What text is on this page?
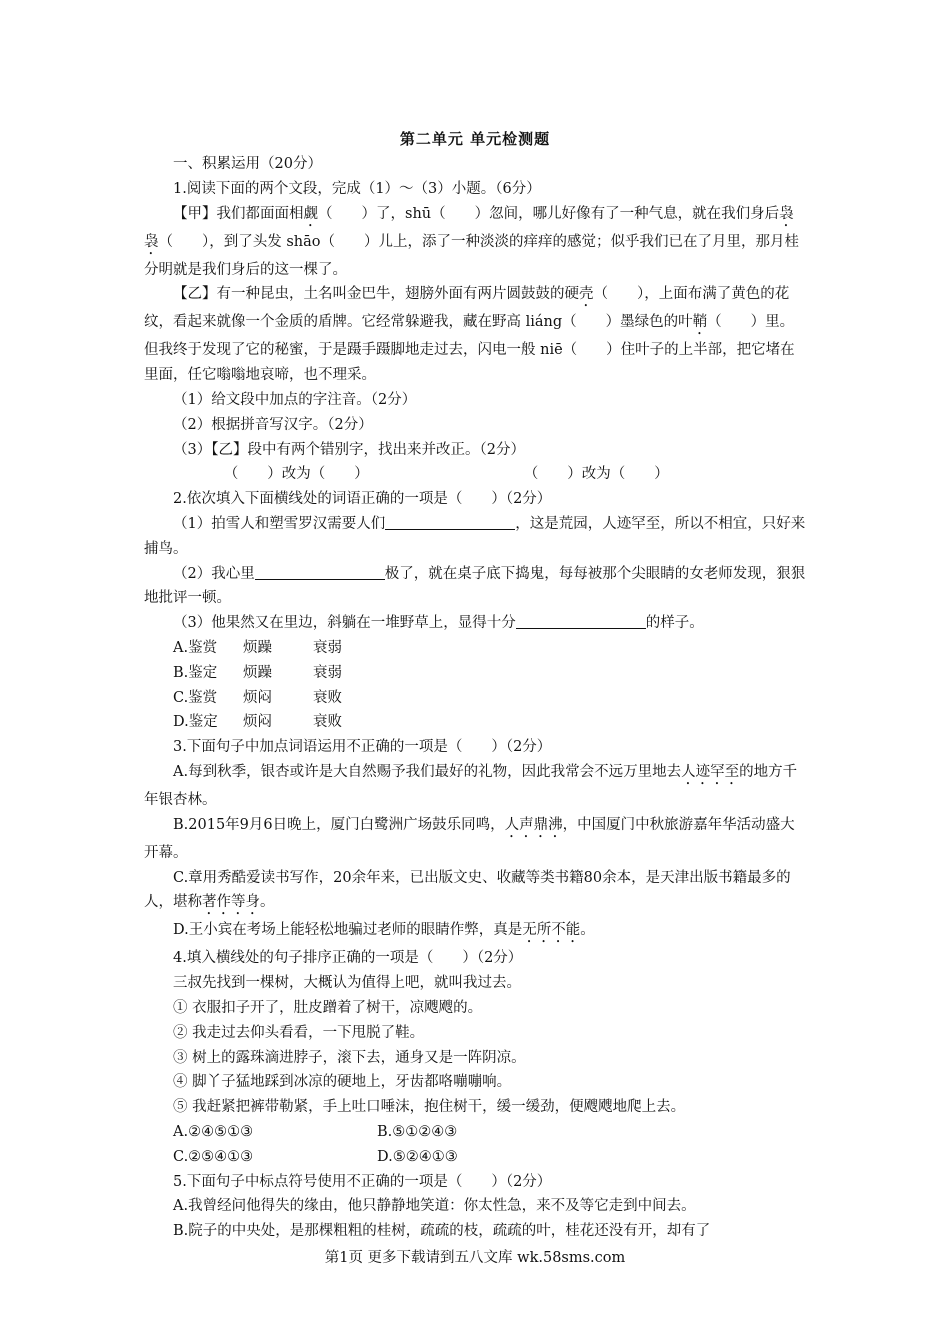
第二单元 单元检测题

一、积累运用（20分）

1.阅读下面的两个文段，完成（1）～（3）小题。（6分）

【甲】我们都面面相觑（　　）了，shū（　　）忽间，哪儿好像有了一种气息，就在我们身后袅袅（　　），到了头发 shāo（　　）儿上，添了一种淡淡的痒痒的感觉；似乎我们已在了月里，那月桂分明就是我们身后的这一棵了。

【乙】有一种昆虫，土名叫金巴牛，翅膀外面有两片圆鼓鼓的硬壳（　　），上面布满了黄色的花纹，看起来就像一个金质的盾牌。它经常躲避我，藏在野高 liáng（　　）墨绿色的叶鞘（　　）里。但我终于发现了它的秘蜜，于是蹑手蹑脚地走过去，闪电一般 niē（　　）住叶子的上半部，把它堵在里面，任它嗡嗡地哀啼，也不理采。

（1）给文段中加点的字注音。（2分）

（2）根据拼音写汉字。（2分）

（3）【乙】段中有两个错别字，找出来并改正。（2分）

（　　）改为（　　）	（　　）改为（　　）

2.依次填入下面横线处的词语正确的一项是（　　）（2分）

（1）拍雪人和塑雪罗汉需要人们	，这是荒园，人迹罕至，所以不相宜，只好来捕鸟。

（2）我心里	极了，就在桌子底下捣鬼，每每被那个尖眼睛的女老师发现，狠狠地批评一顿。

（3）他果然又在里边，斜躺在一堆野草上，显得十分	的样子。

A.鉴赏 烦躁	衰弱

B.鉴定 烦躁	衰弱

C.鉴赏 烦闷	衰败

D.鉴定 烦闷	衰败

3.下面句子中加点词语运用不正确的一项是（　　）（2分）

A.每到秋季，银杏或许是大自然赐予我们最好的礼物，因此我常会不远万里地去人迹罕至的地方千年银杏林。

B.2015年9月6日晚上，厦门白鹭洲广场鼓乐同鸣，人声鼎沸，中国厦门中秋旅游嘉年华活动盛大开幕。

C.章用秀酷爱读书写作，20余年来，已出版文史、收藏等类书籍80余本，是天津出版书籍最多的人，堪称著作等身。

D.王小宾在考场上能轻松地骗过老师的眼睛作弊，真是无所不能。

4.填入横线处的句子排序正确的一项是（　　）（2分）

三叔先找到一棵树，大概认为值得上吧，就叫我过去。

① 衣服扣子开了，肚皮蹭着了树干，凉飕飕的。

② 我走过去仰头看看，一下甩脱了鞋。

③ 树上的露珠滴进脖子，滚下去，通身又是一阵阴凉。

④ 脚丫子猛地踩到冰凉的硬地上，牙齿都咯嘣嘣响。

⑤ 我赶紧把裤带勒紧，手上吐口唾沫，抱住树干，缓一缓劲，便飕飕地爬上去。

A.②④⑤①③	B.⑤①②④③

C.②⑤④①③	D.⑤②④①③

5.下面句子中标点符号使用不正确的一项是（　　）（2分）

A.我曾经问他得失的缘由，他只静静地笑道：你太性急，来不及等它走到中间去。

B.院子的中央处，是那棵粗粗的桂树，疏疏的枝，疏疏的叶，桂花还没有开，却有了

第1页 更多下载请到五八文库 wk.58sms.com
